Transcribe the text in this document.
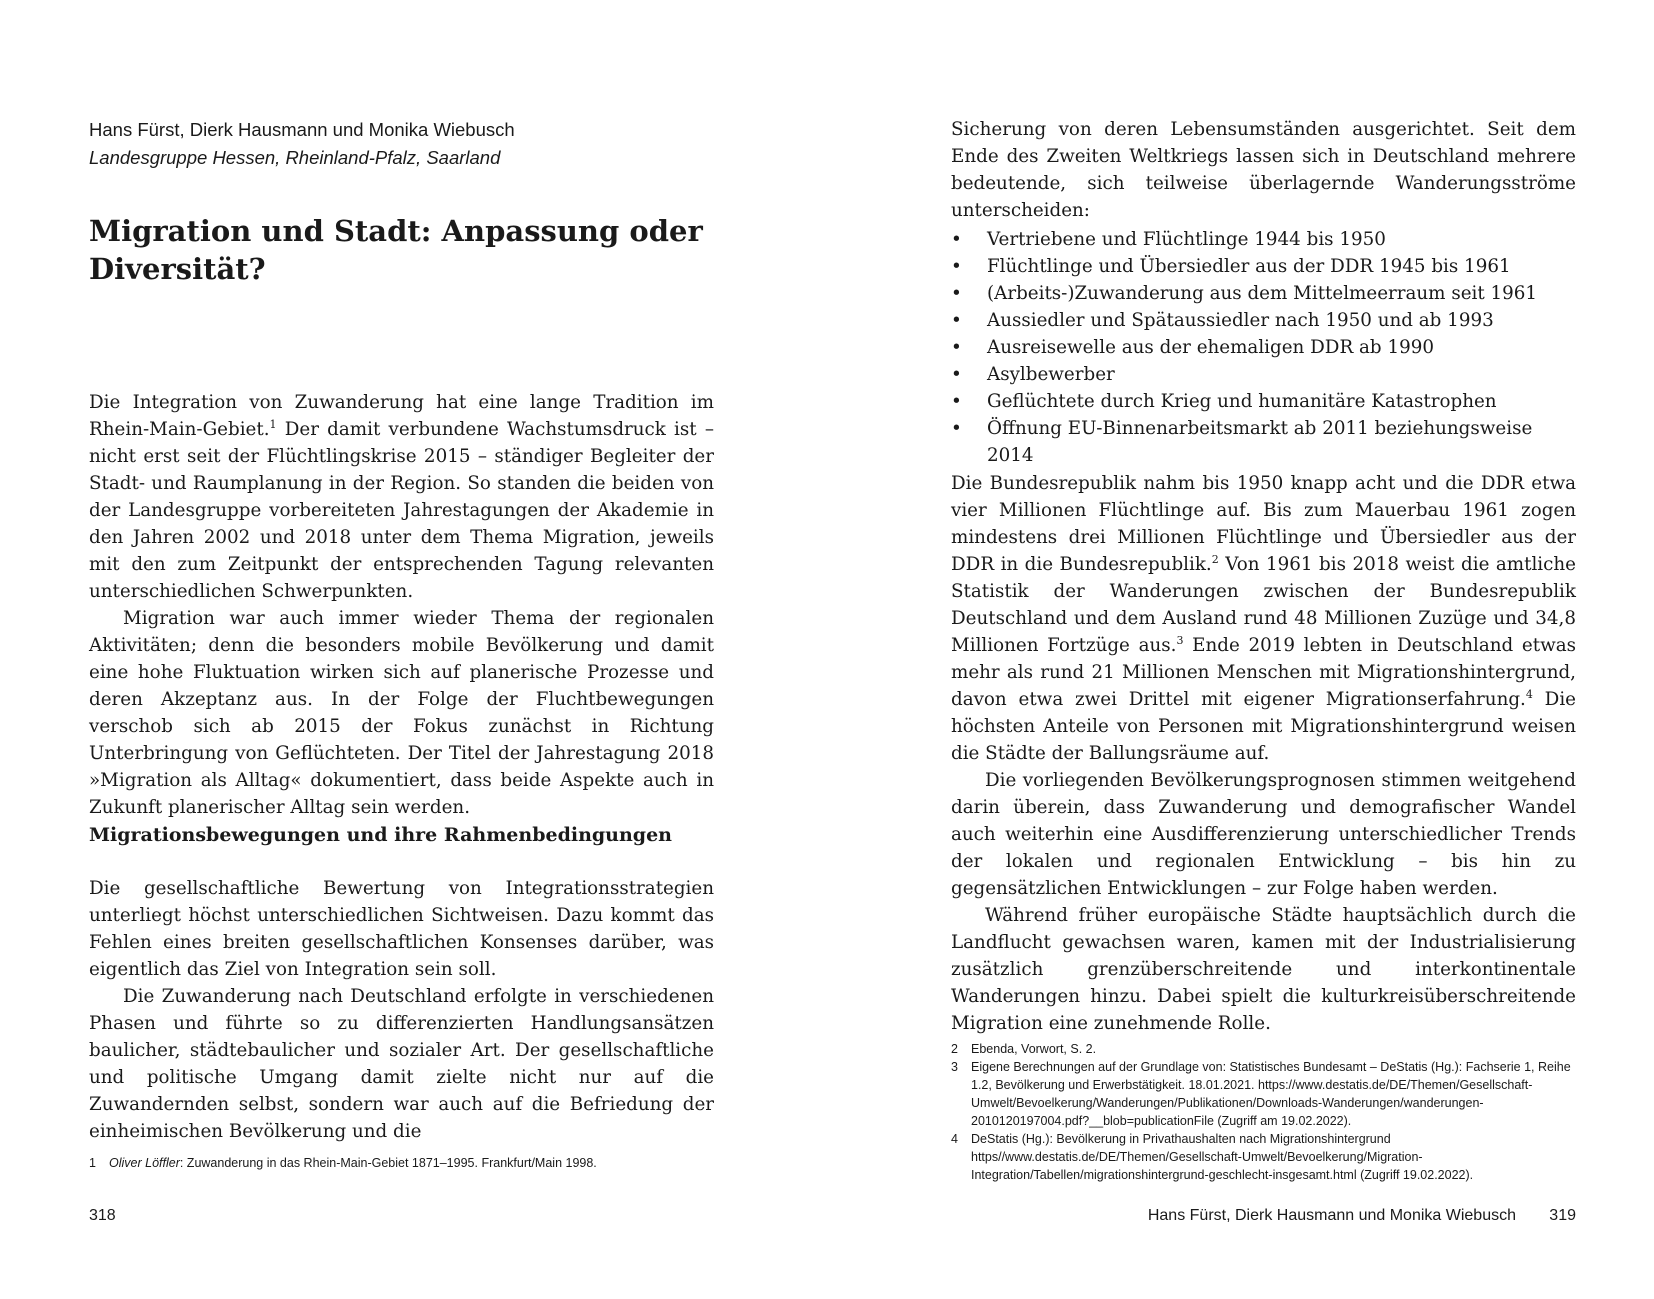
Hans Fürst, Dierk Hausmann und Monika Wiebusch
Landesgruppe Hessen, Rheinland-Pfalz, Saarland
Migration und Stadt: Anpassung oder Diversität?

Die Integration von Zuwanderung hat eine lange Tradition im Rhein-Main-Gebiet.$^1$ Der damit verbundene Wachstumsdruck ist – nicht erst seit der Flüchtlingskrise 2015 – ständiger Begleiter der Stadt- und Raumplanung in der Region. So standen die beiden von der Landesgruppe vorbereiteten Jahrestagungen der Akademie in den Jahren 2002 und 2018 unter dem Thema Migration, jeweils mit den zum Zeitpunkt der entsprechenden Tagung relevanten unterschiedlichen Schwerpunkten.

Migration war auch immer wieder Thema der regionalen Aktivitäten; denn die besonders mobile Bevölkerung und damit eine hohe Fluktuation wirken sich auf planerische Prozesse und deren Akzeptanz aus. In der Folge der Fluchtbewegungen verschob sich ab 2015 der Fokus zunächst in Richtung Unterbringung von Geflüchteten. Der Titel der Jahrestagung 2018 »Migration als Alltag« dokumentiert, dass beide Aspekte auch in Zukunft planerischer Alltag sein werden.

Migrationsbewegungen und ihre Rahmenbedingungen

Die gesellschaftliche Bewertung von Integrationsstrategien unterliegt höchst unterschiedlichen Sichtweisen. Dazu kommt das Fehlen eines breiten gesellschaftlichen Konsenses darüber, was eigentlich das Ziel von Integration sein soll.

Die Zuwanderung nach Deutschland erfolgte in verschiedenen Phasen und führte so zu differenzierten Handlungsansätzen baulicher, städtebaulicher und sozialer Art. Der gesellschaftliche und politische Umgang damit zielte nicht nur auf die Zuwandernden selbst, sondern war auch auf die Befriedung der einheimischen Bevölkerung und die

1 Oliver Löffler: Zuwanderung in das Rhein-Main-Gebiet 1871–1995. Frankfurt/Main 1998.
318

Sicherung von deren Lebensumständen ausgerichtet. Seit dem Ende des Zweiten Weltkriegs lassen sich in Deutschland mehrere bedeutende, sich teilweise überlagernde Wanderungsströme unterscheiden:

• Vertriebene und Flüchtlinge 1944 bis 1950
• Flüchtlinge und Übersiedler aus der DDR 1945 bis 1961
• (Arbeits-)Zuwanderung aus dem Mittelmeerraum seit 1961
• Aussiedler und Spätaussiedler nach 1950 und ab 1993
• Ausreisewelle aus der ehemaligen DDR ab 1990
• Asylbewerber
• Geflüchtete durch Krieg und humanitäre Katastrophen
• Öffnung EU-Binnenarbeitsmarkt ab 2011 beziehungsweise 2014

Die Bundesrepublik nahm bis 1950 knapp acht und die DDR etwa vier Millionen Flüchtlinge auf. Bis zum Mauerbau 1961 zogen mindestens drei Millionen Flüchtlinge und Übersiedler aus der DDR in die Bundesrepublik.$^2$ Von 1961 bis 2018 weist die amtliche Statistik der Wanderungen zwischen der Bundesrepublik Deutschland und dem Ausland rund 48 Millionen Zuzüge und 34,8 Millionen Fortzüge aus.$^3$ Ende 2019 lebten in Deutschland etwas mehr als rund 21 Millionen Menschen mit Migrationshintergrund, davon etwa zwei Drittel mit eigener Migrationserfahrung.$^4$ Die höchsten Anteile von Personen mit Migrationshintergrund weisen die Städte der Ballungsräume auf.

Die vorliegenden Bevölkerungsprognosen stimmen weitgehend darin überein, dass Zuwanderung und demografischer Wandel auch weiterhin eine Ausdifferenzierung unterschiedlicher Trends der lokalen und regionalen Entwicklung – bis hin zu gegensätzlichen Entwicklungen – zur Folge haben werden.

Während früher europäische Städte hauptsächlich durch die Landflucht gewachsen waren, kamen mit der Industrialisierung zusätzlich grenzüberschreitende und interkontinentale Wanderungen hinzu. Dabei spielt die kulturkreisüberschreitende Migration eine zunehmende Rolle.

2	Ebenda, Vorwort, S. 2.
3	Eigene Berechnungen auf der Grundlage von: Statistisches Bundesamt – DeStatis (Hg.): Fachserie 1, Reihe 1.2, Bevölkerung und Erwerbstätigkeit. 18.01.2021. https://www.destatis.de/DE/Themen/Gesellschaft-Umwelt/Bevoelkerung/Wanderungen/Publikationen/Downloads-Wanderungen/wanderungen-2010120197004.pdf?__blob=publicationFile (Zugriff am 19.02.2022).
4	DeStatis (Hg.): Bevölkerung in Privathaushalten nach Migrationshintergrund https//www.destatis.de/DE/Themen/Gesellschaft-Umwelt/Bevoelkerung/Migration-Integration/Tabellen/migrationshintergrund-geschlecht-insgesamt.html (Zugriff 19.02.2022).
Hans Fürst, Dierk Hausmann und Monika Wiebusch 319
